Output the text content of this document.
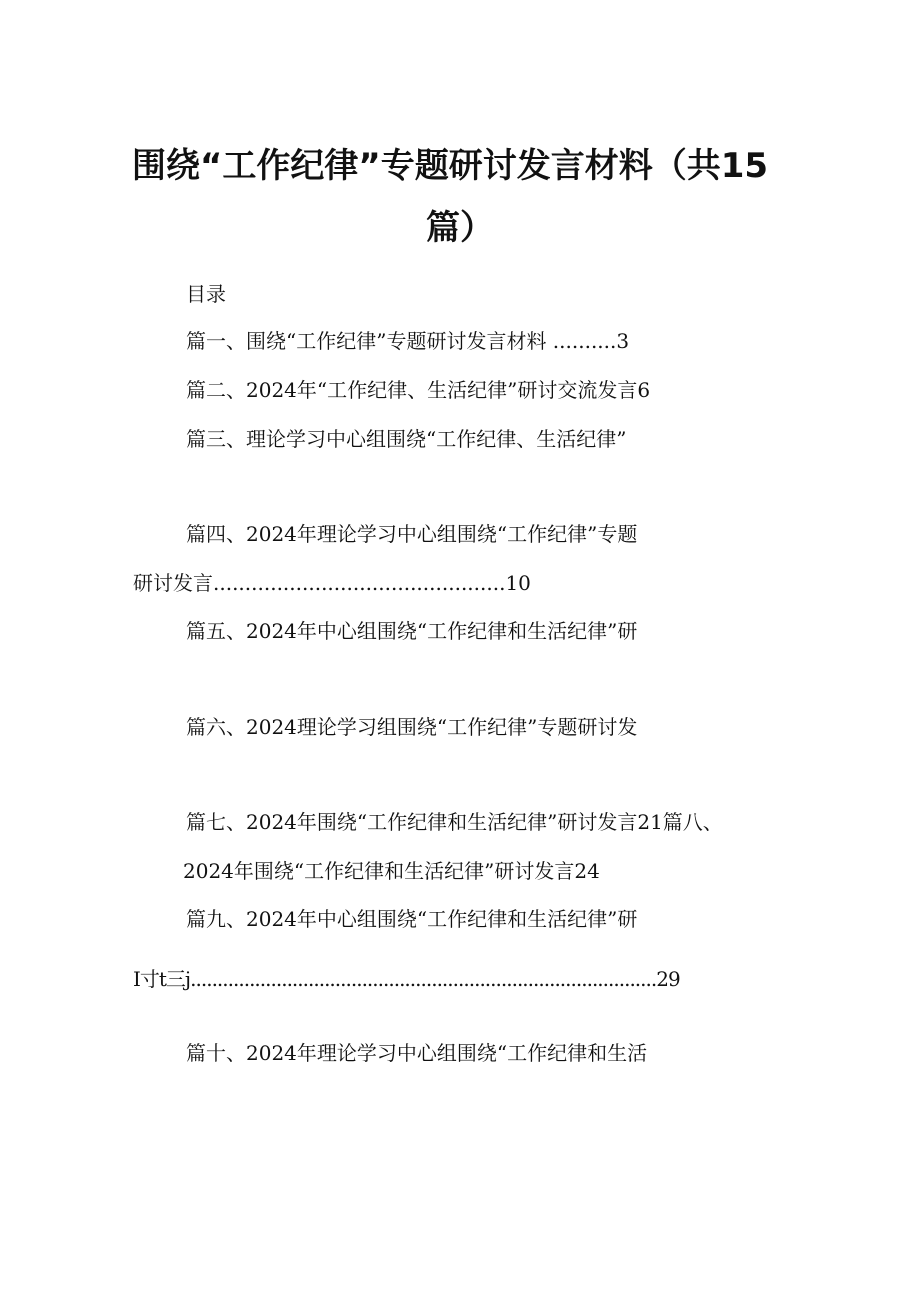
围绕“工作纪律”专题研讨发言材料（共15
篇）
目录
篇一、围绕“工作纪律”专题研讨发言材料 ..........3
篇二、2024年“工作纪律、生活纪律”研讨交流发言6
篇三、理论学习中心组围绕“工作纪律、生活纪律”
篇四、2024年理论学习中心组围绕“工作纪律”专题
研讨发言..............................................10
篇五、2024年中心组围绕“工作纪律和生活纪律”研
篇六、2024理论学习组围绕“工作纪律”专题研讨发
篇七、2024年围绕“工作纪律和生活纪律”研讨发言21篇八、
2024年围绕“工作纪律和生活纪律”研讨发言24
篇九、2024年中心组围绕“工作纪律和生活纪律”研
I寸t三j.......................................................................................29
篇十、2024年理论学习中心组围绕“工作纪律和生活
